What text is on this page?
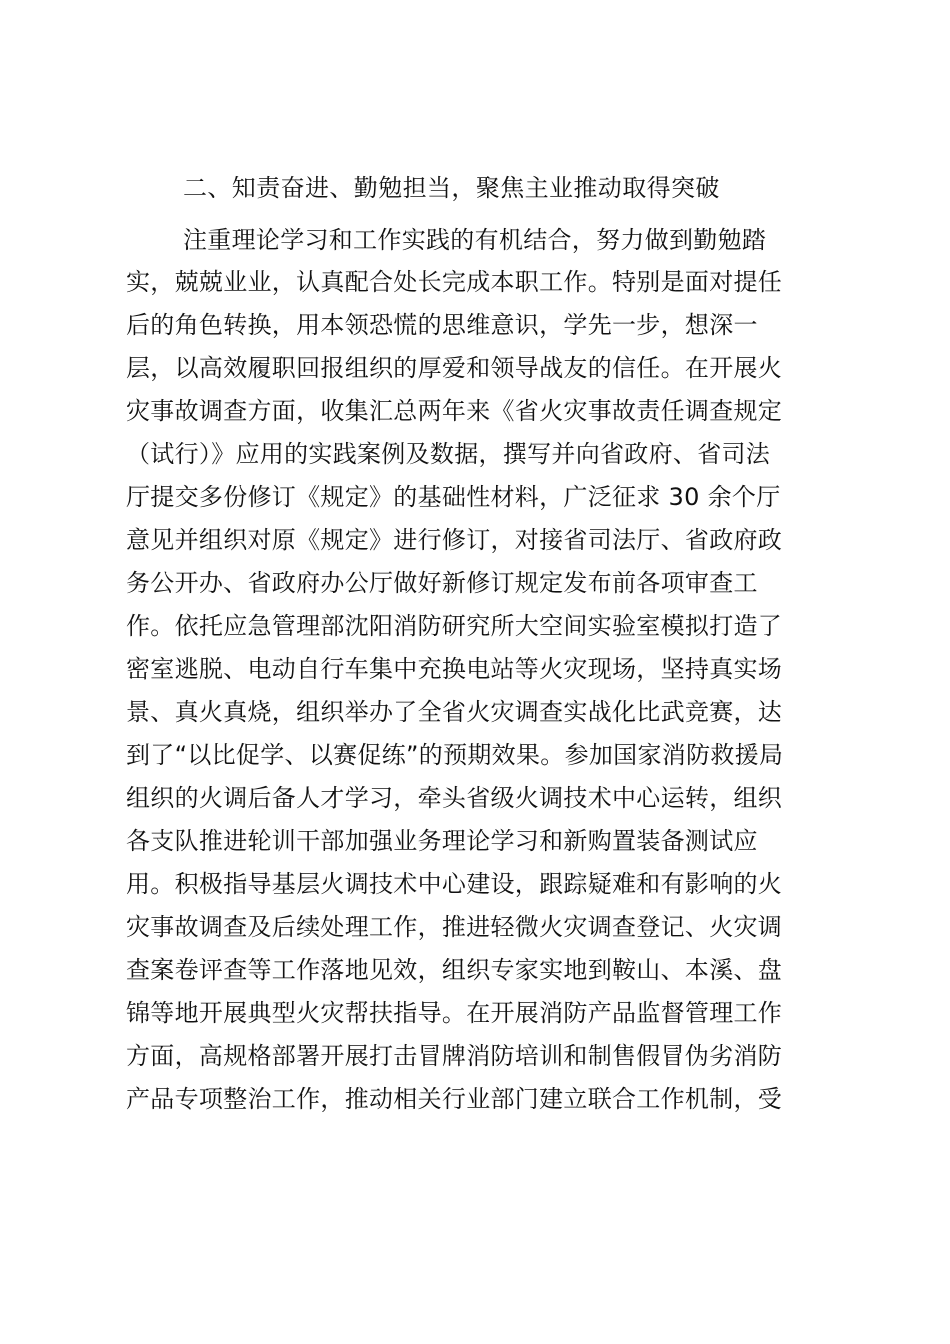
二、知责奋进、勤勉担当，聚焦主业推动取得突破
注重理论学习和工作实践的有机结合，努力做到勤勉踏
实，兢兢业业，认真配合处长完成本职工作。特别是面对提任
后的角色转换，用本领恐慌的思维意识，学先一步，想深一
层，以高效履职回报组织的厚爱和领导战友的信任。在开展火
灾事故调查方面，收集汇总两年来《省火灾事故责任调查规定
（试行）》应用的实践案例及数据，撰写并向省政府、省司法
厅提交多份修订《规定》的基础性材料，广泛征求 30 余个厅
意见并组织对原《规定》进行修订，对接省司法厅、省政府政
务公开办、省政府办公厅做好新修订规定发布前各项审查工
作。依托应急管理部沈阳消防研究所大空间实验室模拟打造了
密室逃脱、电动自行车集中充换电站等火灾现场，坚持真实场
景、真火真烧，组织举办了全省火灾调查实战化比武竞赛，达
到了“以比促学、以赛促练”的预期效果。参加国家消防救援局
组织的火调后备人才学习，牵头省级火调技术中心运转，组织
各支队推进轮训干部加强业务理论学习和新购置装备测试应
用。积极指导基层火调技术中心建设，跟踪疑难和有影响的火
灾事故调查及后续处理工作，推进轻微火灾调查登记、火灾调
查案卷评查等工作落地见效，组织专家实地到鞍山、本溪、盘
锦等地开展典型火灾帮扶指导。在开展消防产品监督管理工作
方面，高规格部署开展打击冒牌消防培训和制售假冒伪劣消防
产品专项整治工作，推动相关行业部门建立联合工作机制，受
